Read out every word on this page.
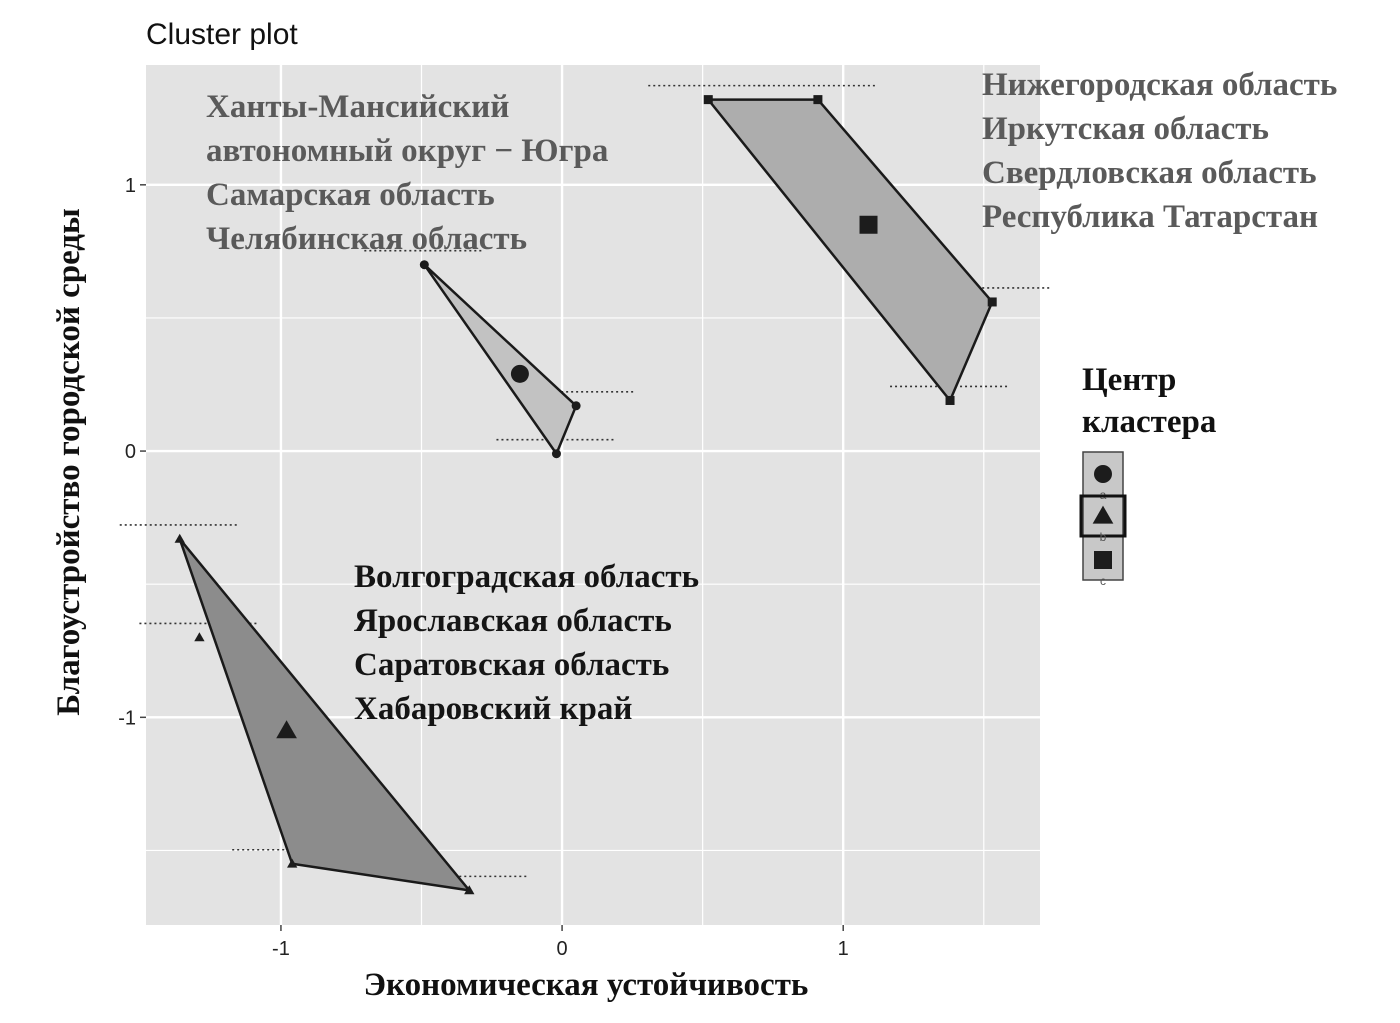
-1	0	1
-1
0
1
Ханты-Мансийский
автономный округ − Югра
Самарская область
Челябинская область
Волгоградская область
Ярославская область
Саратовская область
Хабаровский край
Нижегородская область
Иркутская область
Свердловская область
Республика Татарстан
Cluster plot
Экономическая устойчивость
Благоустройство городской среды	Центр
кластера
a
b
c
